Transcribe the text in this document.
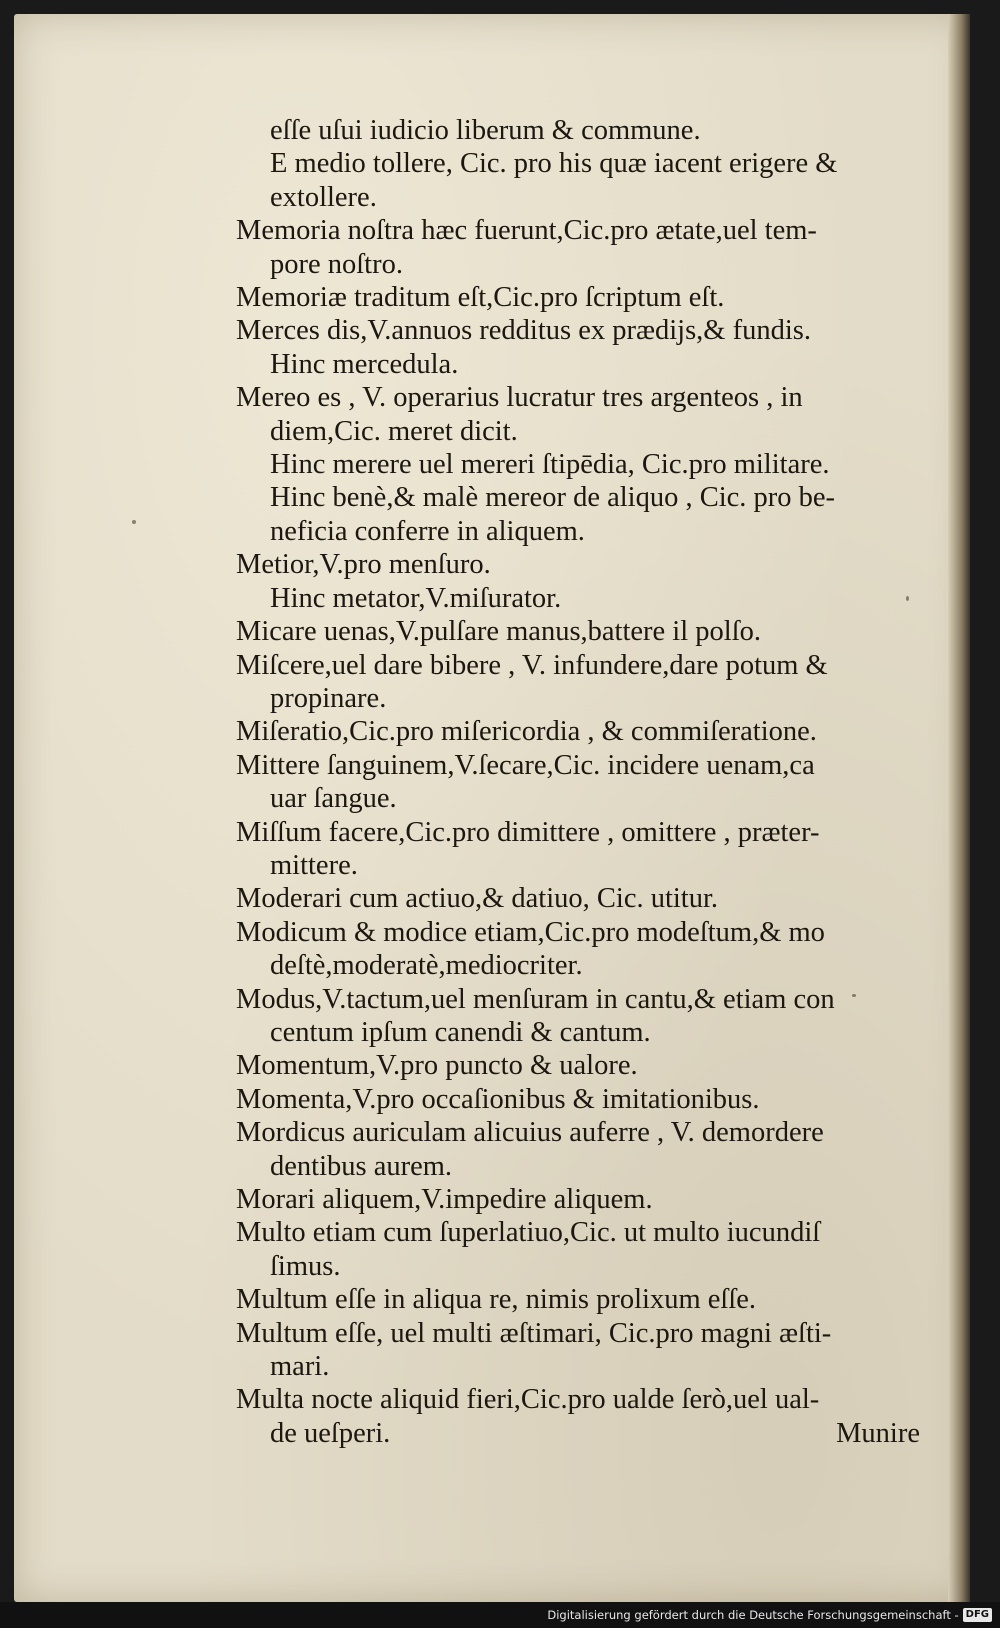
eſſe uſui iudicio liberum & commune.
E medio tollere, Cic. pro his quæ iacent erigere &
extollere.
Memoria noſtra hæc fuerunt,Cic.pro ætate,uel tem-
pore noſtro.
Memoriæ traditum eſt,Cic.pro ſcriptum eſt.
Merces dis,V.annuos redditus ex prædijs,& fundis.
Hinc mercedula.
Mereo es , V. operarius lucratur tres argenteos , in
diem,Cic. meret dicit.
Hinc merere uel mereri ſtipēdia, Cic.pro militare.
Hinc benè,& malè mereor de aliquo , Cic. pro be-
neficia conferre in aliquem.
Metior,V.pro menſuro.
Hinc metator,V.miſurator.
Micare uenas,V.pulſare manus,battere il polſo.
Miſcere,uel dare bibere , V. infundere,dare potum &
propinare.
Miſeratio,Cic.pro miſericordia , & commiſeratione.
Mittere ſanguinem,V.ſecare,Cic. incidere uenam,ca
uar ſangue.
Miſſum facere,Cic.pro dimittere , omittere , præter-
mittere.
Moderari cum actiuo,& datiuo, Cic. utitur.
Modicum & modice etiam,Cic.pro modeſtum,& mo
deſtè,moderatè,mediocriter.
Modus,V.tactum,uel menſuram in cantu,& etiam con
centum ipſum canendi & cantum.
Momentum,V.pro puncto & ualore.
Momenta,V.pro occaſionibus & imitationibus.
Mordicus auriculam alicuius auferre , V. demordere
dentibus aurem.
Morari aliquem,V.impedire aliquem.
Multo etiam cum ſuperlatiuo,Cic. ut multo iucundiſ
ſimus.
Multum eſſe in aliqua re, nimis prolixum eſſe.
Multum eſſe, uel multi æſtimari, Cic.pro magni æſti-
mari.
Multa nocte aliquid fieri,Cic.pro ualde ſerò,uel ual-
de ueſperi.	Munire
Digitalisierung gefördert durch die Deutsche Forschungsgemeinschaft - DFG
